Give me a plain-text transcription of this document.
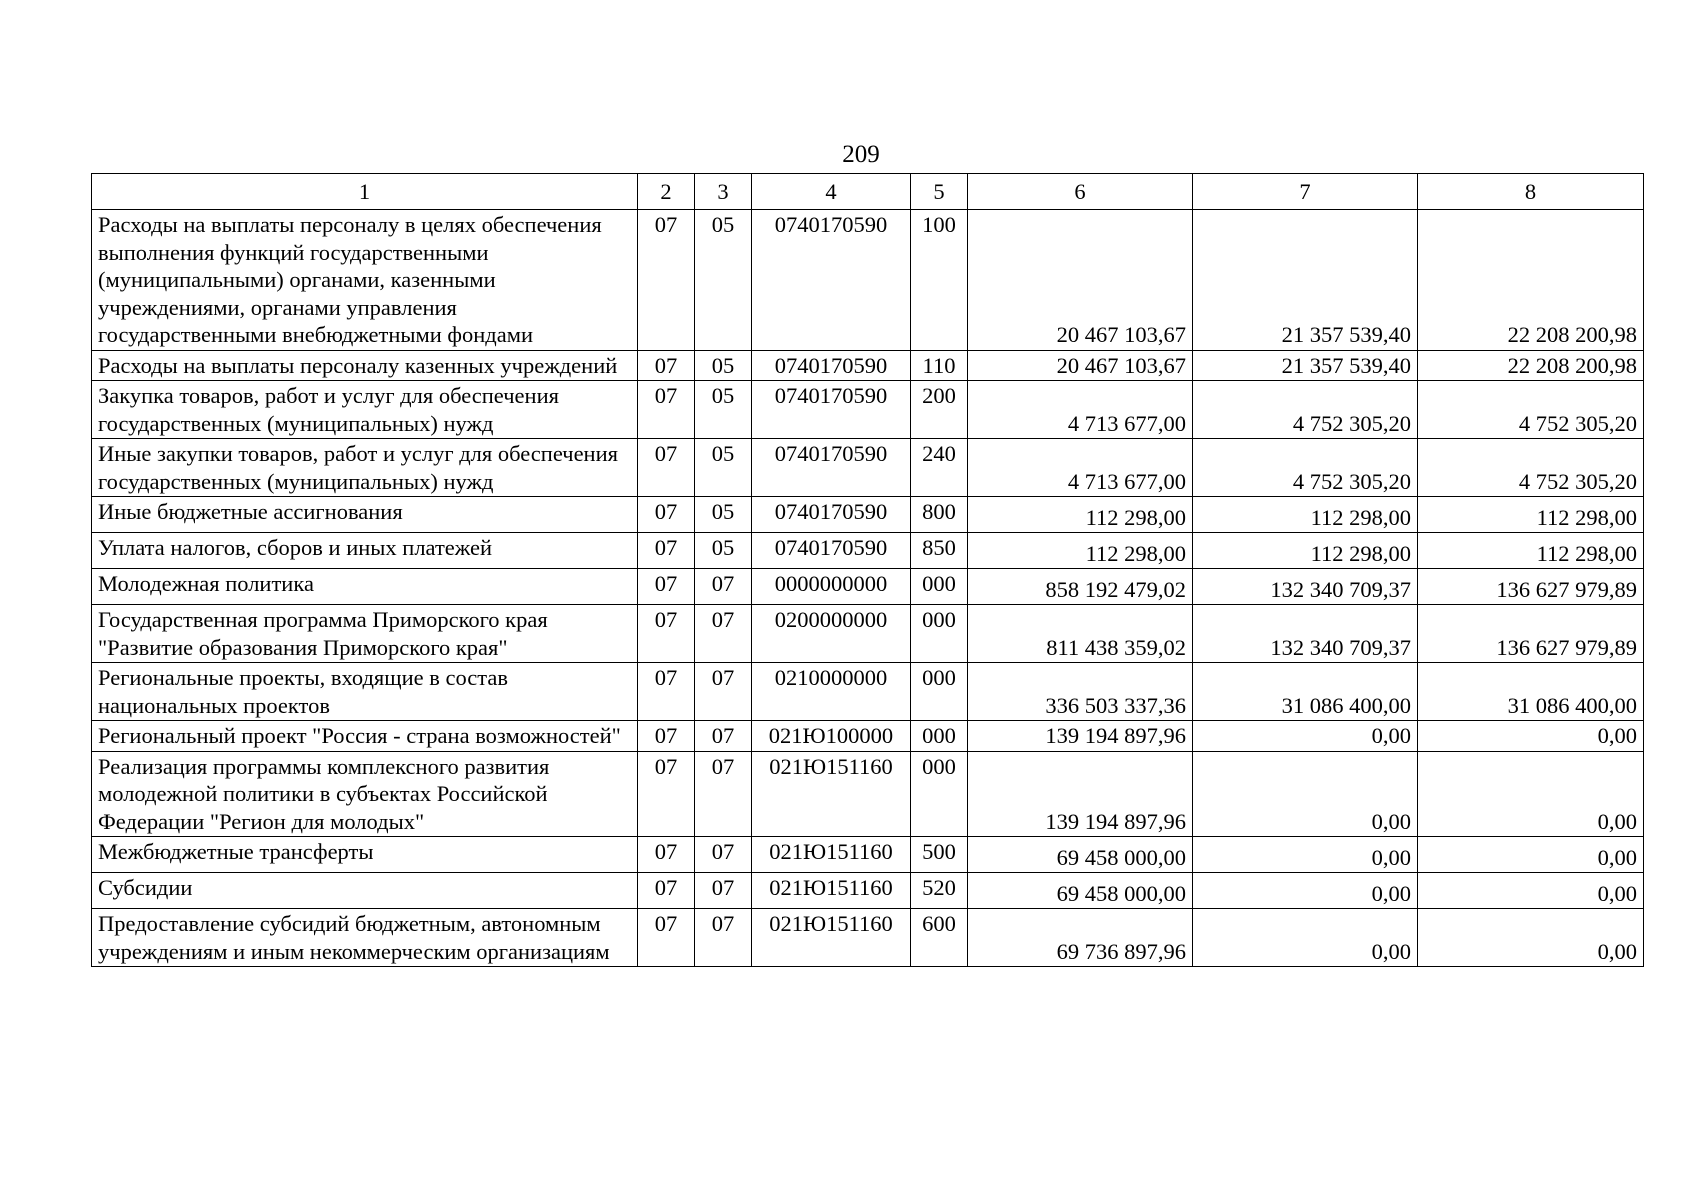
209
1	2	3	4	5	6	7	8
Расходы на выплаты персоналу в целях обеспечения выполнения функций государственными (муниципальными) органами, казенными учреждениями, органами управления государственными внебюджетными фондами	07	05	0740170590	100	20 467 103,67	21 357 539,40	22 208 200,98
Расходы на выплаты персоналу казенных учреждений	07	05	0740170590	110	20 467 103,67	21 357 539,40	22 208 200,98
Закупка товаров, работ и услуг для обеспечения государственных (муниципальных) нужд	07	05	0740170590	200	4 713 677,00	4 752 305,20	4 752 305,20
Иные закупки товаров, работ и услуг для обеспечения государственных (муниципальных) нужд	07	05	0740170590	240	4 713 677,00	4 752 305,20	4 752 305,20
Иные бюджетные ассигнования	07	05	0740170590	800	112 298,00	112 298,00	112 298,00
Уплата налогов, сборов и иных платежей	07	05	0740170590	850	112 298,00	112 298,00	112 298,00
Молодежная политика	07	07	0000000000	000	858 192 479,02	132 340 709,37	136 627 979,89
Государственная программа Приморского края "Развитие образования Приморского края"	07	07	0200000000	000	811 438 359,02	132 340 709,37	136 627 979,89
Региональные проекты, входящие в состав национальных проектов	07	07	0210000000	000	336 503 337,36	31 086 400,00	31 086 400,00
Региональный проект "Россия - страна возможностей"	07	07	021Ю100000	000	139 194 897,96	0,00	0,00
Реализация программы комплексного развития молодежной политики в субъектах Российской Федерации "Регион для молодых"	07	07	021Ю151160	000	139 194 897,96	0,00	0,00
Межбюджетные трансферты	07	07	021Ю151160	500	69 458 000,00	0,00	0,00
Субсидии	07	07	021Ю151160	520	69 458 000,00	0,00	0,00
Предоставление субсидий бюджетным, автономным учреждениям и иным некоммерческим организациям	07	07	021Ю151160	600	69 736 897,96	0,00	0,00
